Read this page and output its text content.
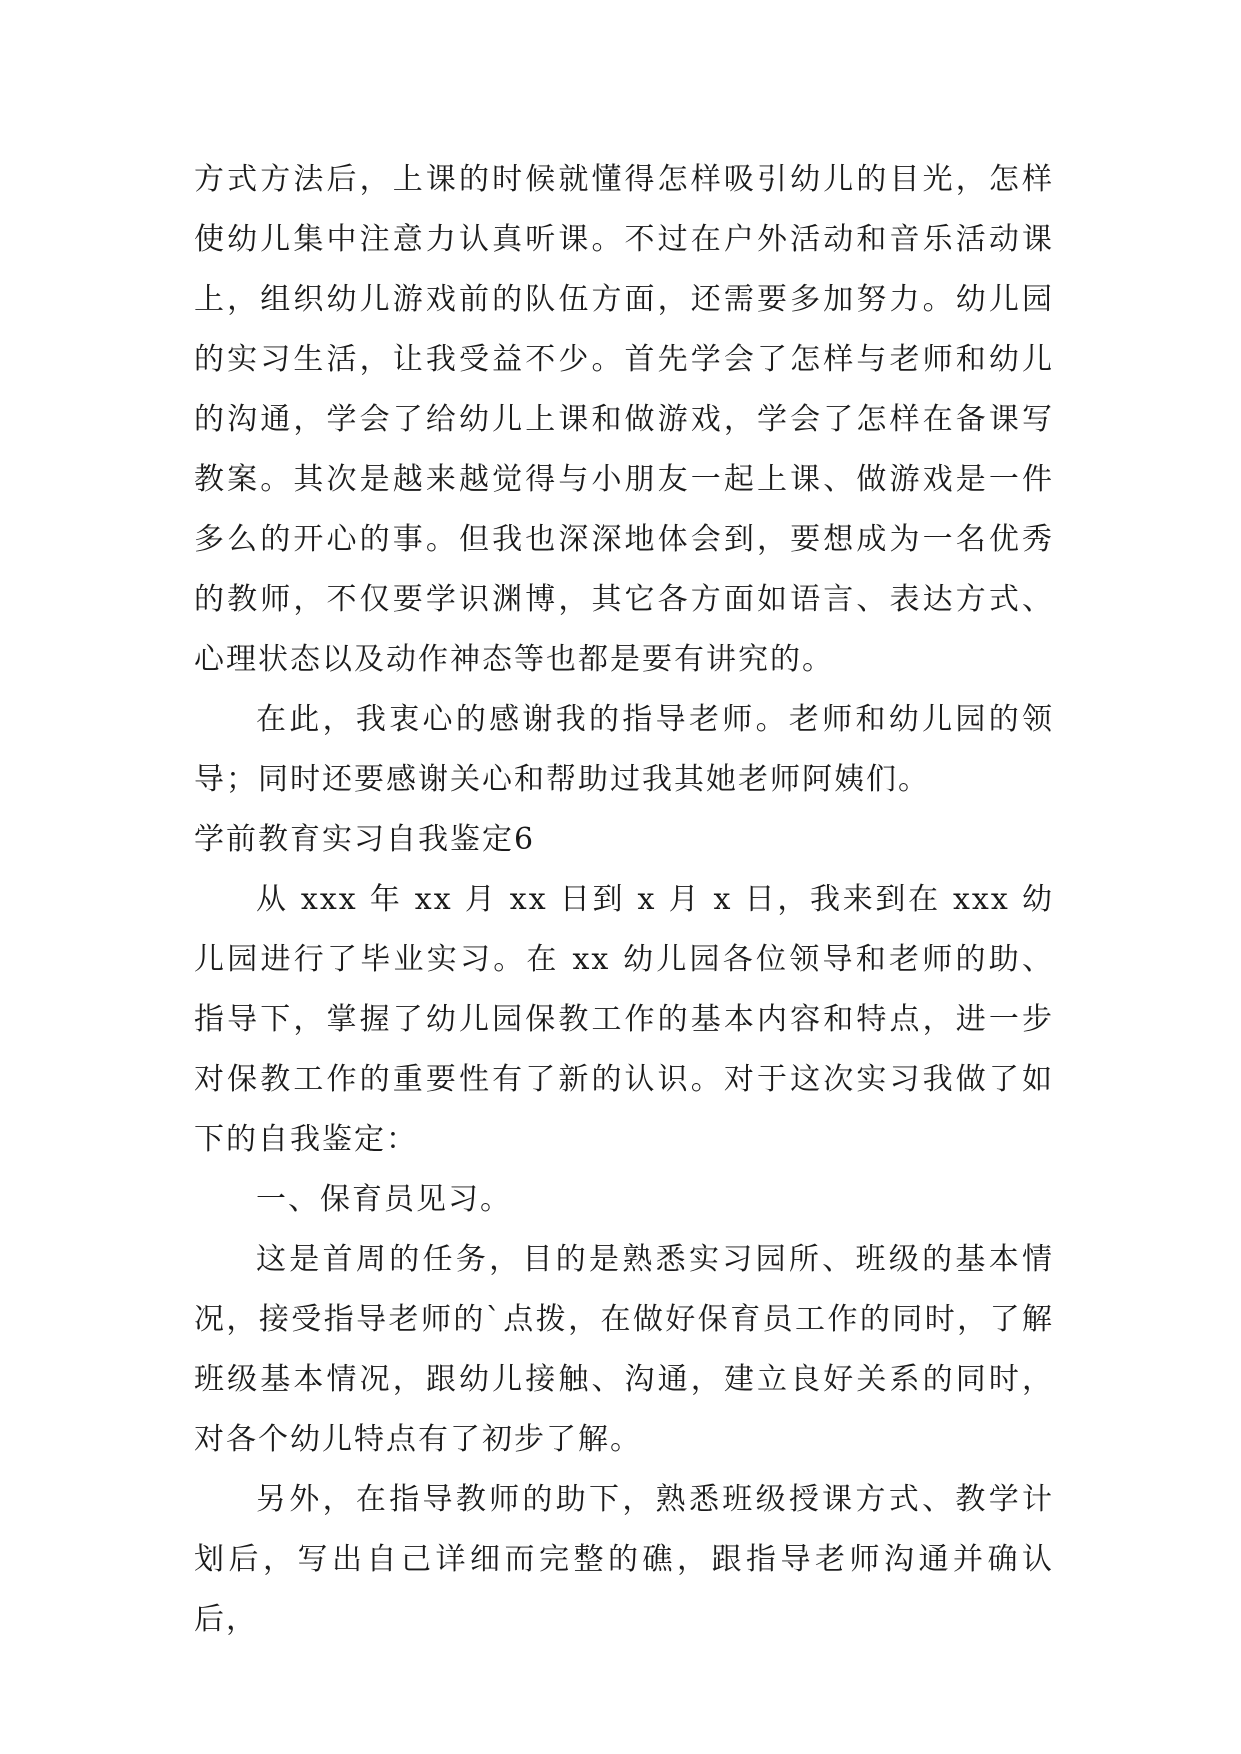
方式方法后，上课的时候就懂得怎样吸引幼儿的目光，怎样使幼儿集中注意力认真听课。不过在户外活动和音乐活动课上，组织幼儿游戏前的队伍方面，还需要多加努力。幼儿园的实习生活，让我受益不少。首先学会了怎样与老师和幼儿的沟通，学会了给幼儿上课和做游戏，学会了怎样在备课写教案。其次是越来越觉得与小朋友一起上课、做游戏是一件多么的开心的事。但我也深深地体会到，要想成为一名优秀的教师，不仅要学识渊博，其它各方面如语言、表达方式、心理状态以及动作神态等也都是要有讲究的。

在此，我衷心的感谢我的指导老师。老师和幼儿园的领导；同时还要感谢关心和帮助过我其她老师阿姨们。

学前教育实习自我鉴定6

从 xxx 年 xx 月 xx 日到 x 月 x 日，我来到在 xxx 幼儿园进行了毕业实习。在 xx 幼儿园各位领导和老师的助、指导下，掌握了幼儿园保教工作的基本内容和特点，进一步对保教工作的重要性有了新的认识。对于这次实习我做了如下的自我鉴定：

一、保育员见习。

这是首周的任务，目的是熟悉实习园所、班级的基本情况，接受指导老师的`点拨，在做好保育员工作的同时，了解班级基本情况，跟幼儿接触、沟通，建立良好关系的同时，对各个幼儿特点有了初步了解。

另外，在指导教师的助下，熟悉班级授课方式、教学计划后，写出自己详细而完整的礁，跟指导老师沟通并确认后，
